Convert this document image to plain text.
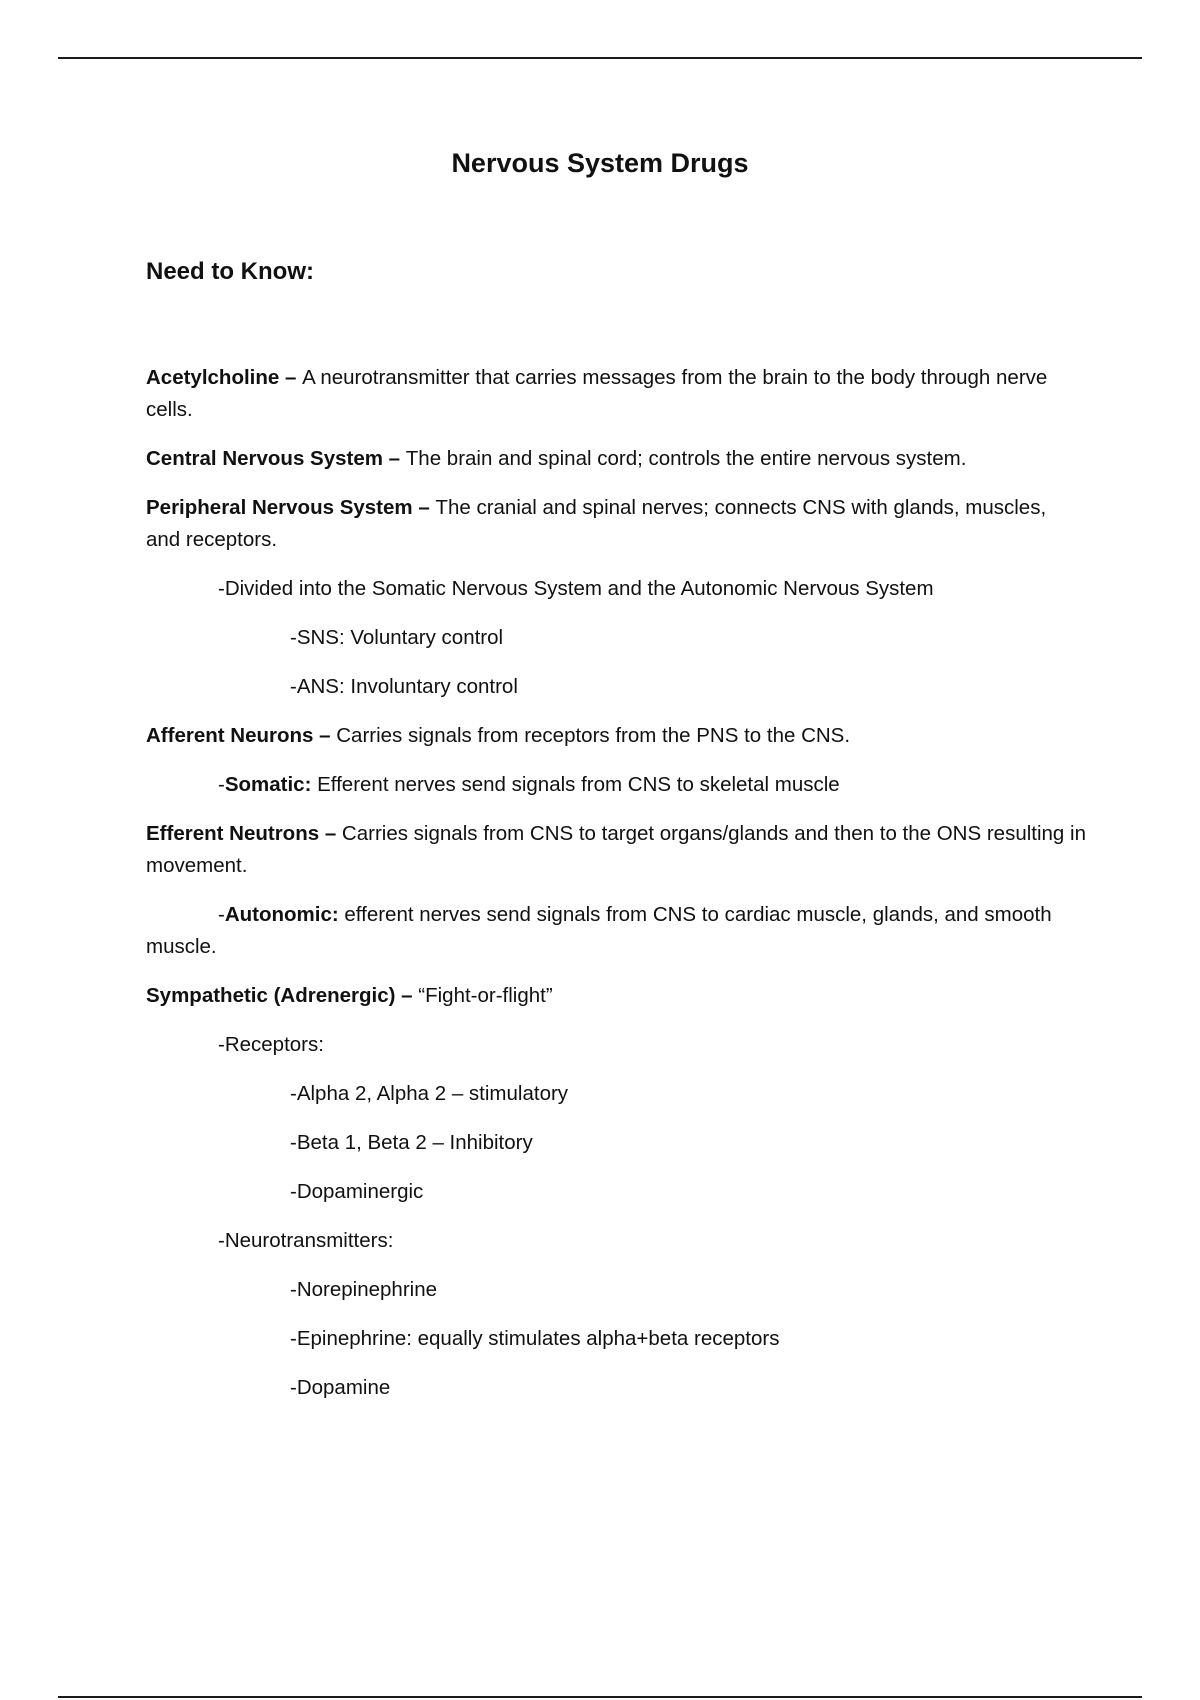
Nervous System Drugs
Need to Know:

Acetylcholine – A neurotransmitter that carries messages from the brain to the body through nerve cells.

Central Nervous System – The brain and spinal cord; controls the entire nervous system.

Peripheral Nervous System – The cranial and spinal nerves; connects CNS with glands, muscles, and receptors.

-Divided into the Somatic Nervous System and the Autonomic Nervous System

-SNS: Voluntary control

-ANS: Involuntary control

Afferent Neurons – Carries signals from receptors from the PNS to the CNS.

-Somatic: Efferent nerves send signals from CNS to skeletal muscle

Efferent Neutrons – Carries signals from CNS to target organs/glands and then to the ONS resulting in movement.

-Autonomic: efferent nerves send signals from CNS to cardiac muscle, glands, and smooth muscle.

Sympathetic (Adrenergic) – “Fight-or-flight”

-Receptors:

-Alpha 2, Alpha 2 – stimulatory

-Beta 1, Beta 2 – Inhibitory

-Dopaminergic

-Neurotransmitters:

-Norepinephrine

-Epinephrine: equally stimulates alpha+beta receptors

-Dopamine
